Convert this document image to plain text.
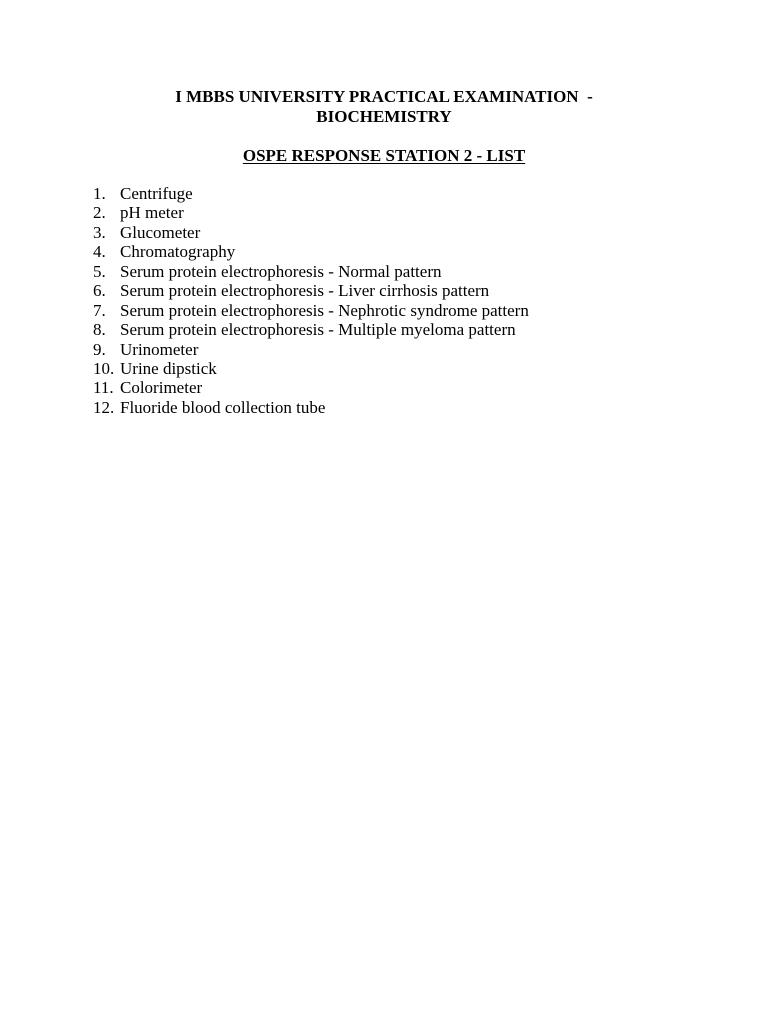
I MBBS UNIVERSITY PRACTICAL EXAMINATION  -
BIOCHEMISTRY
OSPE RESPONSE STATION 2 - LIST
1. Centrifuge
2. pH meter
3. Glucometer
4. Chromatography
5. Serum protein electrophoresis - Normal pattern
6. Serum protein electrophoresis - Liver cirrhosis pattern
7. Serum protein electrophoresis - Nephrotic syndrome pattern
8. Serum protein electrophoresis - Multiple myeloma pattern
9. Urinometer
10. Urine dipstick
11. Colorimeter
12. Fluoride blood collection tube
